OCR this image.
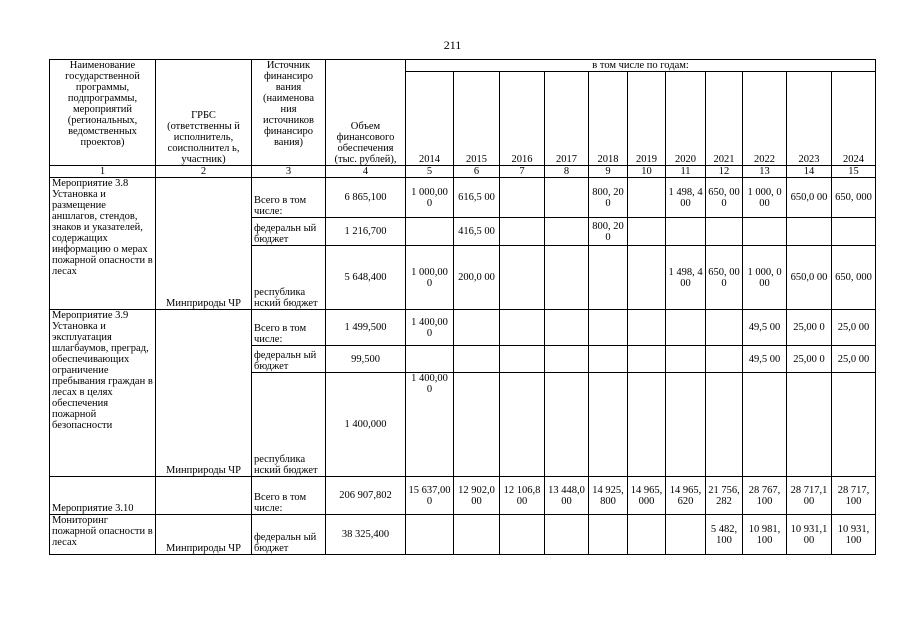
211
Наименование государственной программы, подпрограммы, мероприятий (региональных, ведомственных проектов)	ГРБС (ответственны й исполнитель, соисполнител ь, участник)	Источник финансиро вания (наименова ния источников финансиро вания)	Объем финансового обеспечения (тыс. рублей),	в том числе по годам:										
				2014	2015	2016	2017	2018	2019	2020	2021	2022	2023	2024
1	2	3	4	5	6	7	8	9	10	11	12	13	14	15

Мероприятие 3.8
Установка и размещение аншлагов, стендов, знаков и указателей, содержащих информацию о мерах пожарной опасности в лесах	Минприроды ЧР	Всего в том числе:	6 865,100	1 000,00 0	616,5 00			800, 200		1 498, 400	650, 000	1 000, 000	650,0 00	650, 000
		федеральн ый бюджет	1 216,700		416,5 00			800, 200						
		республика нский бюджет	5 648,400	1 000,00 0	200,0 00					1 498, 400	650, 000	1 000, 000	650,0 00	650, 000

Мероприятие 3.9
Установка и эксплуатация шлагбаумов, преград, обеспечивающих ограничение пребывания граждан в лесах в целях обеспечения пожарной безопасности	Минприроды ЧР	Всего в том числе:	1 499,500	1 400,00 0								49,5 00	25,00 0	25,0 00
		федеральн ый бюджет	99,500									49,5 00	25,00 0	25,0 00
		республика нский бюджет	1 400,000	1 400,00 0										
Мероприятие 3.10		Всего в том числе:	206 907,802	15 637,00 0	12 902,0 00	12 106,8 00	13 448,0 00	14 925, 800	14 965, 000	14 965, 620	21 756, 282	28 767, 100	28 717,1 00	28 717, 100
Мониторинг пожарной опасности в лесах	Минприроды ЧР	федеральн ый бюджет	38 325,400								5 482, 100	10 981, 100	10 931,1 00	10 931, 100
